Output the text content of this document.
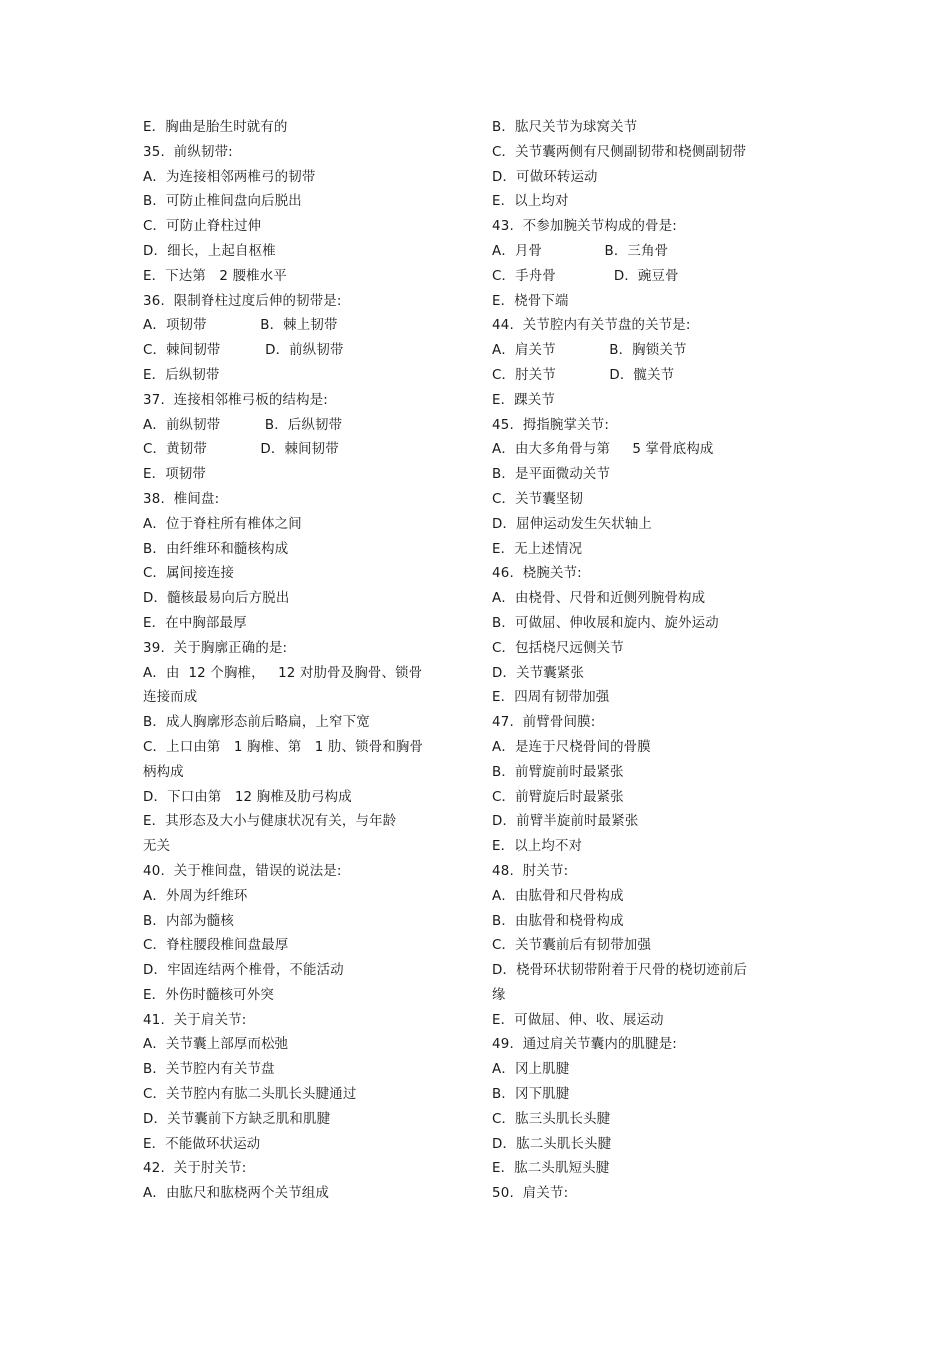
E．胸曲是胎生时就有的
35.  前纵韧带:
A．为连接相邻两椎弓的韧带
B．可防止椎间盘向后脱出
C．可防止脊柱过伸
D．细长，上起自枢椎
E．下达第   2 腰椎水平
36.  限制脊柱过度后伸的韧带是:
A．项韧带            B．棘上韧带
C．棘间韧带          D．前纵韧带
E．后纵韧带
37.  连接相邻椎弓板的结构是:
A．前纵韧带          B．后纵韧带
C．黄韧带            D．棘间韧带
E．项韧带
38.  椎间盘:
A．位于脊柱所有椎体之间
B．由纤维环和髓核构成
C．属间接连接
D．髓核最易向后方脱出
E．在中胸部最厚
39.  关于胸廓正确的是:
A．由  12 个胸椎，   12 对肋骨及胸骨、锁骨
连接而成
B．成人胸廓形态前后略扁，上窄下宽
C．上口由第   1 胸椎、第   1 肋、锁骨和胸骨
柄构成
D．下口由第   12 胸椎及肋弓构成
E．其形态及大小与健康状况有关，与年龄
无关
40.  关于椎间盘，错误的说法是:
A．外周为纤维环
B．内部为髓核
C．脊柱腰段椎间盘最厚
D．牢固连结两个椎骨，不能活动
E．外伤时髓核可外突
41.  关于肩关节:
A．关节囊上部厚而松弛
B．关节腔内有关节盘
C．关节腔内有肱二头肌长头腱通过
D．关节囊前下方缺乏肌和肌腱
E．不能做环状运动
42.  关于肘关节:
A．由肱尺和肱桡两个关节组成
B．肱尺关节为球窝关节
C．关节囊两侧有尺侧副韧带和桡侧副韧带
D．可做环转运动
E．以上均对
43.  不参加腕关节构成的骨是:
A．月骨              B．三角骨
C．手舟骨             D．豌豆骨
E．桡骨下端
44.  关节腔内有关节盘的关节是:
A．肩关节            B．胸锁关节
C．肘关节            D．髋关节
E．踝关节
45.  拇指腕掌关节:
A．由大多角骨与第     5 掌骨底构成
B．是平面微动关节
C．关节囊坚韧
D．屈伸运动发生矢状轴上
E．无上述情况
46.  桡腕关节:
A．由桡骨、尺骨和近侧列腕骨构成
B．可做屈、伸收展和旋内、旋外运动
C．包括桡尺远侧关节
D．关节囊紧张
E．四周有韧带加强
47.  前臂骨间膜:
A．是连于尺桡骨间的骨膜
B．前臂旋前时最紧张
C．前臂旋后时最紧张
D．前臂半旋前时最紧张
E．以上均不对
48.  肘关节:
A．由肱骨和尺骨构成
B．由肱骨和桡骨构成
C．关节囊前后有韧带加强
D．桡骨环状韧带附着于尺骨的桡切迹前后
缘
E．可做屈、伸、收、展运动
49.  通过肩关节囊内的肌腱是:
A．冈上肌腱
B．冈下肌腱
C．肱三头肌长头腱
D．肱二头肌长头腱
E．肱二头肌短头腱
50.  肩关节:
